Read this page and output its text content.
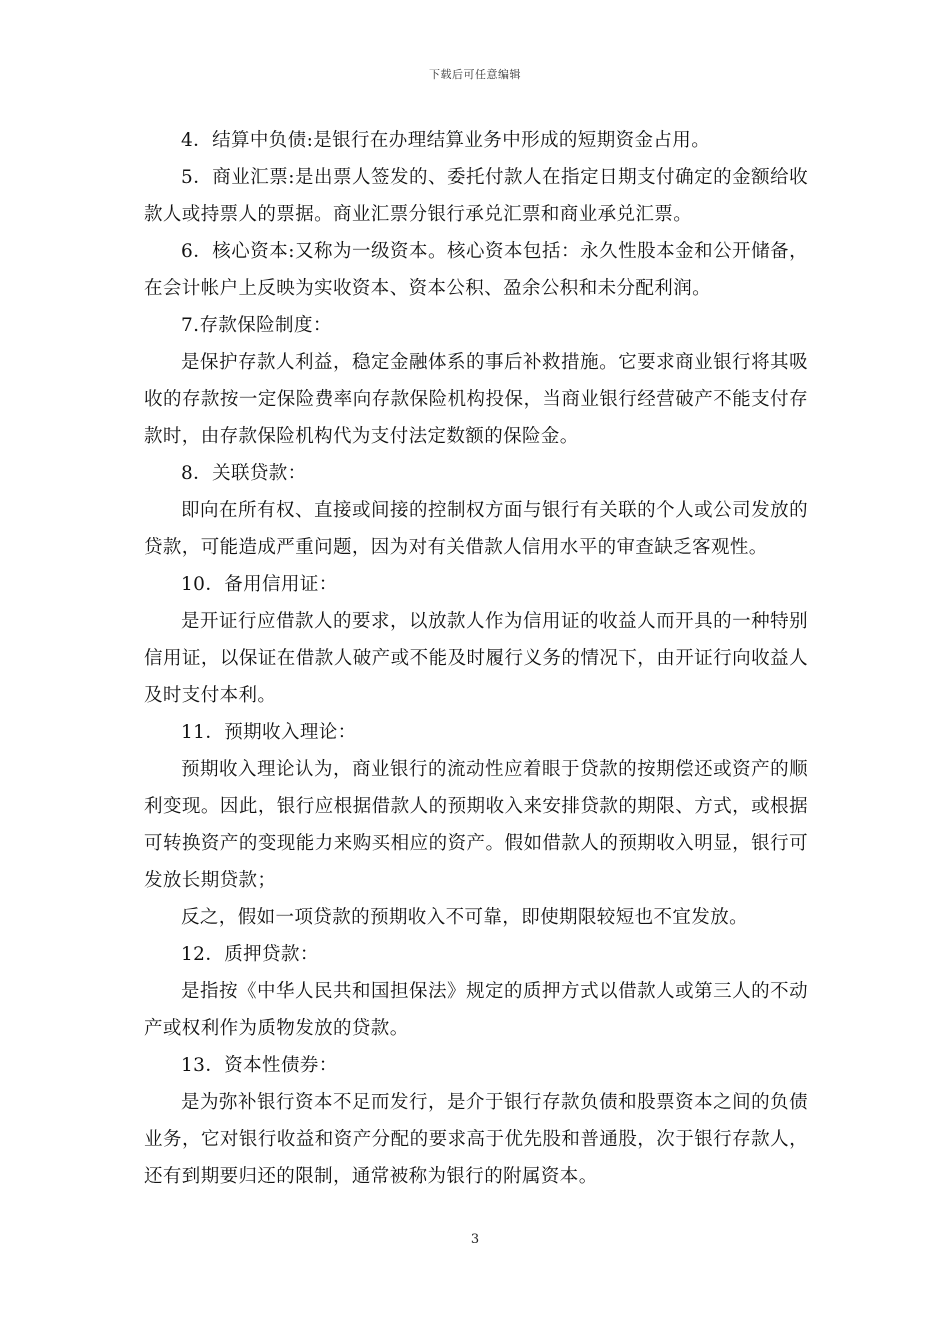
下载后可任意编辑

4．结算中负债:是银行在办理结算业务中形成的短期资金占用。

5．商业汇票:是出票人签发的、委托付款人在指定日期支付确定的金额给收款人或持票人的票据。商业汇票分银行承兑汇票和商业承兑汇票。

6．核心资本:又称为一级资本。核心资本包括：永久性股本金和公开储备，在会计帐户上反映为实收资本、资本公积、盈余公积和未分配利润。

7.存款保险制度：

是保护存款人利益，稳定金融体系的事后补救措施。它要求商业银行将其吸收的存款按一定保险费率向存款保险机构投保，当商业银行经营破产不能支付存款时，由存款保险机构代为支付法定数额的保险金。

8．关联贷款：

即向在所有权、直接或间接的控制权方面与银行有关联的个人或公司发放的贷款，可能造成严重问题，因为对有关借款人信用水平的审查缺乏客观性。

10．备用信用证：

是开证行应借款人的要求，以放款人作为信用证的收益人而开具的一种特别信用证，以保证在借款人破产或不能及时履行义务的情况下，由开证行向收益人及时支付本利。

11．预期收入理论：

预期收入理论认为，商业银行的流动性应着眼于贷款的按期偿还或资产的顺利变现。因此，银行应根据借款人的预期收入来安排贷款的期限、方式，或根据可转换资产的变现能力来购买相应的资产。假如借款人的预期收入明显，银行可发放长期贷款；

反之，假如一项贷款的预期收入不可靠，即使期限较短也不宜发放。

12．质押贷款：

是指按《中华人民共和国担保法》规定的质押方式以借款人或第三人的不动产或权利作为质物发放的贷款。

13．资本性债券：

是为弥补银行资本不足而发行，是介于银行存款负债和股票资本之间的负债业务，它对银行收益和资产分配的要求高于优先股和普通股，次于银行存款人，还有到期要归还的限制，通常被称为银行的附属资本。

3
